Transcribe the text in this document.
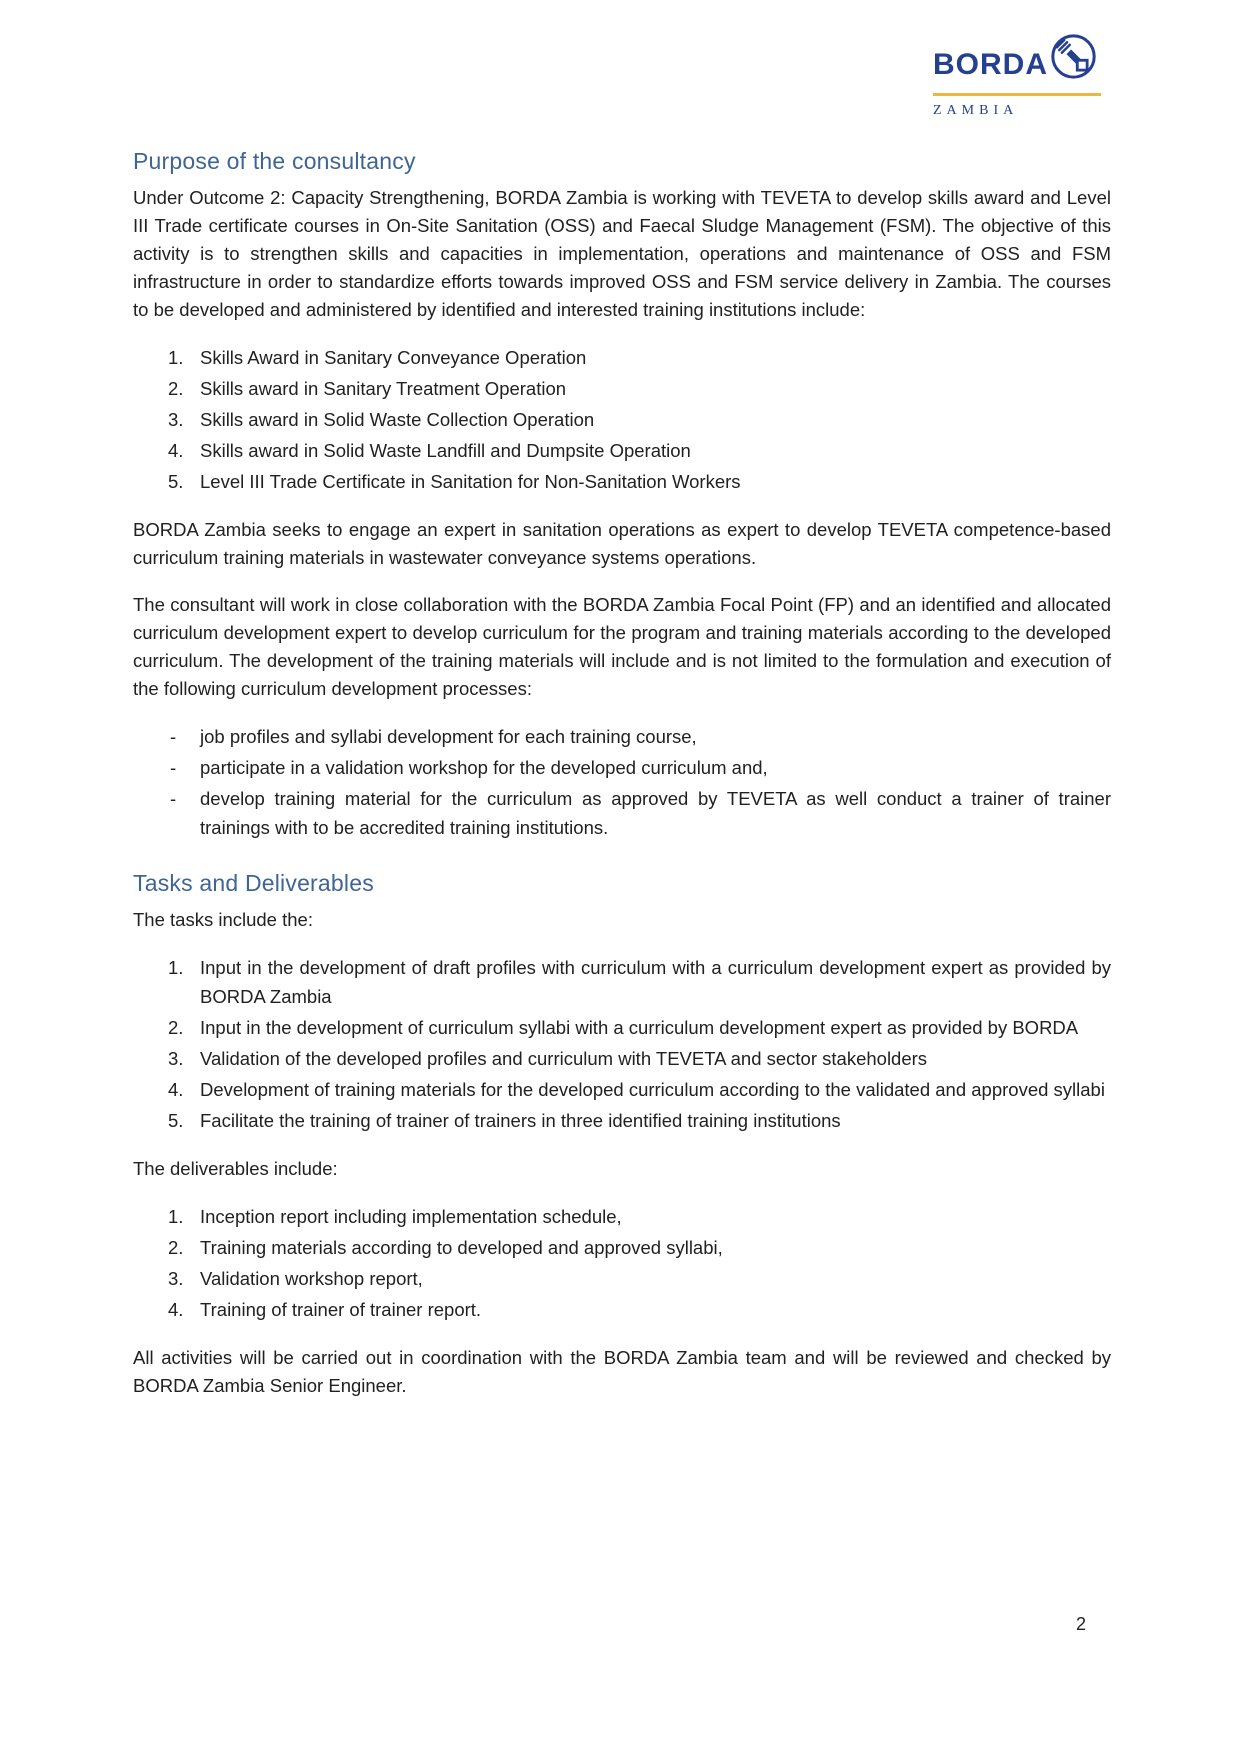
BORDA
ZAMBIA
Purpose of the consultancy

Under Outcome 2: Capacity Strengthening, BORDA Zambia is working with TEVETA to develop skills award and Level III Trade certificate courses in On-Site Sanitation (OSS) and Faecal Sludge Management (FSM). The objective of this activity is to strengthen skills and capacities in implementation, operations and maintenance of OSS and FSM infrastructure in order to standardize efforts towards improved OSS and FSM service delivery in Zambia. The courses to be developed and administered by identified and interested training institutions include:

1. Skills Award in Sanitary Conveyance Operation
2. Skills award in Sanitary Treatment Operation
3. Skills award in Solid Waste Collection Operation
4. Skills award in Solid Waste Landfill and Dumpsite Operation
5. Level III Trade Certificate in Sanitation for Non-Sanitation Workers

BORDA Zambia seeks to engage an expert in sanitation operations as expert to develop TEVETA competence-based curriculum training materials in wastewater conveyance systems operations.

The consultant will work in close collaboration with the BORDA Zambia Focal Point (FP) and an identified and allocated curriculum development expert to develop curriculum for the program and training materials according to the developed curriculum. The development of the training materials will include and is not limited to the formulation and execution of the following curriculum development processes:

-	job profiles and syllabi development for each training course,
-	participate in a validation workshop for the developed curriculum and,
-	develop training material for the curriculum as approved by TEVETA as well conduct a trainer of trainer trainings with to be accredited training institutions.
Tasks and Deliverables

The tasks include the:

1. Input in the development of draft profiles with curriculum with a curriculum development expert as provided by BORDA Zambia
2. Input in the development of curriculum syllabi with a curriculum development expert as provided by BORDA
3. Validation of the developed profiles and curriculum with TEVETA and sector stakeholders
4. Development of training materials for the developed curriculum according to the validated and approved syllabi
5. Facilitate the training of trainer of trainers in three identified training institutions

The deliverables include:

1. Inception report including implementation schedule,
2. Training materials according to developed and approved syllabi,
3. Validation workshop report,
4. Training of trainer of trainer report.

All activities will be carried out in coordination with the BORDA Zambia team and will be reviewed and checked by BORDA Zambia Senior Engineer.

2
